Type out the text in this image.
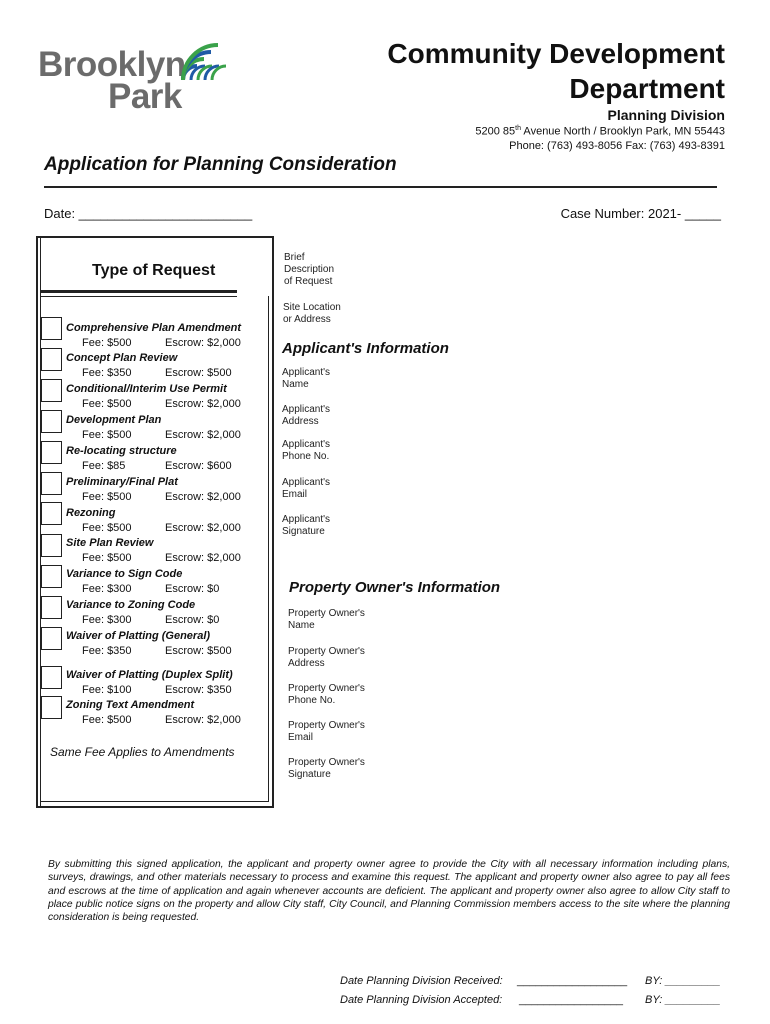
Brooklyn
Park
Community Development
Department
Planning Division
5200 85th Avenue North / Brooklyn Park, MN 55443
Phone: (763) 493-8056 Fax: (763) 493-8391
Application for Planning Consideration
Date: ________________________	Case Number: 2021- _____
Type of Request
Comprehensive Plan Amendment
Fee: $500	Escrow: $2,000
Concept Plan Review
Fee: $350	Escrow: $500
Conditional/Interim Use Permit
Fee: $500	Escrow: $2,000
Development Plan
Fee: $500	Escrow: $2,000
Re-locating structure
Fee: $85	Escrow: $600
Preliminary/Final Plat
Fee: $500	Escrow: $2,000
Rezoning
Fee: $500	Escrow: $2,000
Site Plan Review
Fee: $500	Escrow: $2,000
Variance to Sign Code
Fee: $300	Escrow: $0
Variance to Zoning Code
Fee: $300	Escrow: $0
Waiver of Platting (General)
Fee: $350	Escrow: $500
Waiver of Platting (Duplex Split)
Fee: $100	Escrow: $350
Zoning Text Amendment
Fee: $500	Escrow: $2,000
Same Fee Applies to Amendments
Brief
Description
of Request
Site Location
or Address
Applicant's Information
Applicant's
Name
Applicant's
Address
Applicant's
Phone No.
Applicant's
Email
Applicant's
Signature
Property Owner's Information
Property Owner's
Name
Property Owner's
Address
Property Owner's
Phone No.
Property Owner's
Email
Property Owner's
Signature
By submitting this signed application, the applicant and property owner agree to provide the City with all necessary information including plans, surveys, drawings, and other materials necessary to process and examine this request. The applicant and property owner also agree to pay all fees and escrows at the time of application and again whenever accounts are deficient. The applicant and property owner also agree to allow City staff to place public notice signs on the property and allow City staff, City Council, and Planning Commission members access to the site where the planning consideration is being requested.
Date Planning Division Received: __________________ BY: _________
Date Planning Division Accepted: _________________ BY: _________
